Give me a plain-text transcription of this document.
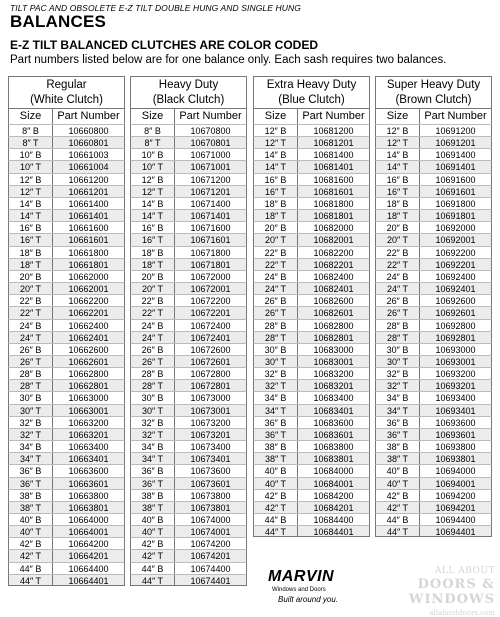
TILT PAC AND OBSOLETE E-Z TILT DOUBLE HUNG AND SINGLE HUNG
BALANCES
E-Z TILT BALANCED CLUTCHES ARE COLOR CODED
Part numbers listed below are for one balance only. Each sash requires two balances.
Regular
(White Clutch)
Size	Part Number
8″ B	10660800
8″ T	10660801
10″ B	10661003
10″ T	10661004
12″ B	10661200
12″ T	10661201
14″ B	10661400
14″ T	10661401
16″ B	10661600
16″ T	10661601
18″ B	10661800
18″ T	10661801
20″ B	10662000
20″ T	10662001
22″ B	10662200
22″ T	10662201
24″ B	10662400
24″ T	10662401
26″ B	10662600
26″ T	10662601
28″ B	10662800
28″ T	10662801
30″ B	10663000
30″ T	10663001
32″ B	10663200
32″ T	10663201
34″ B	10663400
34″ T	10663401
36″ B	10663600
36″ T	10663601
38″ B	10663800
38″ T	10663801
40″ B	10664000
40″ T	10664001
42″ B	10664200
42″ T	10664201
44″ B	10664400
44″ T	10664401
Heavy Duty
(Black Clutch)
Size	Part Number
8″ B	10670800
8″ T	10670801
10″ B	10671000
10″ T	10671001
12″ B	10671200
12″ T	10671201
14″ B	10671400
14″ T	10671401
16″ B	10671600
16″ T	10671601
18″ B	10671800
18″ T	10671801
20″ B	10672000
20″ T	10672001
22″ B	10672200
22″ T	10672201
24″ B	10672400
24″ T	10672401
26″ B	10672600
26″ T	10672601
28″ B	10672800
28″ T	10672801
30″ B	10673000
30″ T	10673001
32″ B	10673200
32″ T	10673201
34″ B	10673400
34″ T	10673401
36″ B	10673600
36″ T	10673601
38″ B	10673800
38″ T	10673801
40″ B	10674000
40″ T	10674001
42″ B	10674200
42″ T	10674201
44″ B	10674400
44″ T	10674401
Extra Heavy Duty
(Blue Clutch)
Size	Part Number
12″ B	10681200
12″ T	10681201
14″ B	10681400
14″ T	10681401
16″ B	10681600
16″ T	10681601
18″ B	10681800
18″ T	10681801
20″ B	10682000
20″ T	10682001
22″ B	10682200
22″ T	10682201
24″ B	10682400
24″ T	10682401
26″ B	10682600
26″ T	10682601
28″ B	10682800
28″ T	10682801
30″ B	10683000
30″ T	10683001
32″ B	10683200
32″ T	10683201
34″ B	10683400
34″ T	10683401
36″ B	10683600
36″ T	10683601
38″ B	10683800
38″ T	10683801
40″ B	10684000
40″ T	10684001
42″ B	10684200
42″ T	10684201
44″ B	10684400
44″ T	10684401
Super Heavy Duty
(Brown Clutch)
Size	Part Number
12″ B	10691200
12″ T	10691201
14″ B	10691400
14″ T	10691401
16″ B	10691600
16″ T	10691601
18″ B	10691800
18″ T	10691801
20″ B	10692000
20″ T	10692001
22″ B	10692200
22″ T	10692201
24″ B	10692400
24″ T	10692401
26″ B	10692600
26″ T	10692601
28″ B	10692800
28″ T	10692801
30″ B	10693000
30″ T	10693001
32″ B	10693200
32″ T	10693201
34″ B	10693400
34″ T	10693401
36″ B	10693600
36″ T	10693601
38″ B	10693800
38″ T	10693801
40″ B	10694000
40″ T	10694001
42″ B	10694200
42″ T	10694201
44″ B	10694400
44″ T	10694401
MARVIN
Windows and Doors
Built around you.
ALL ABOUT
DOORS & WINDOWS
allaboutdoors.com
